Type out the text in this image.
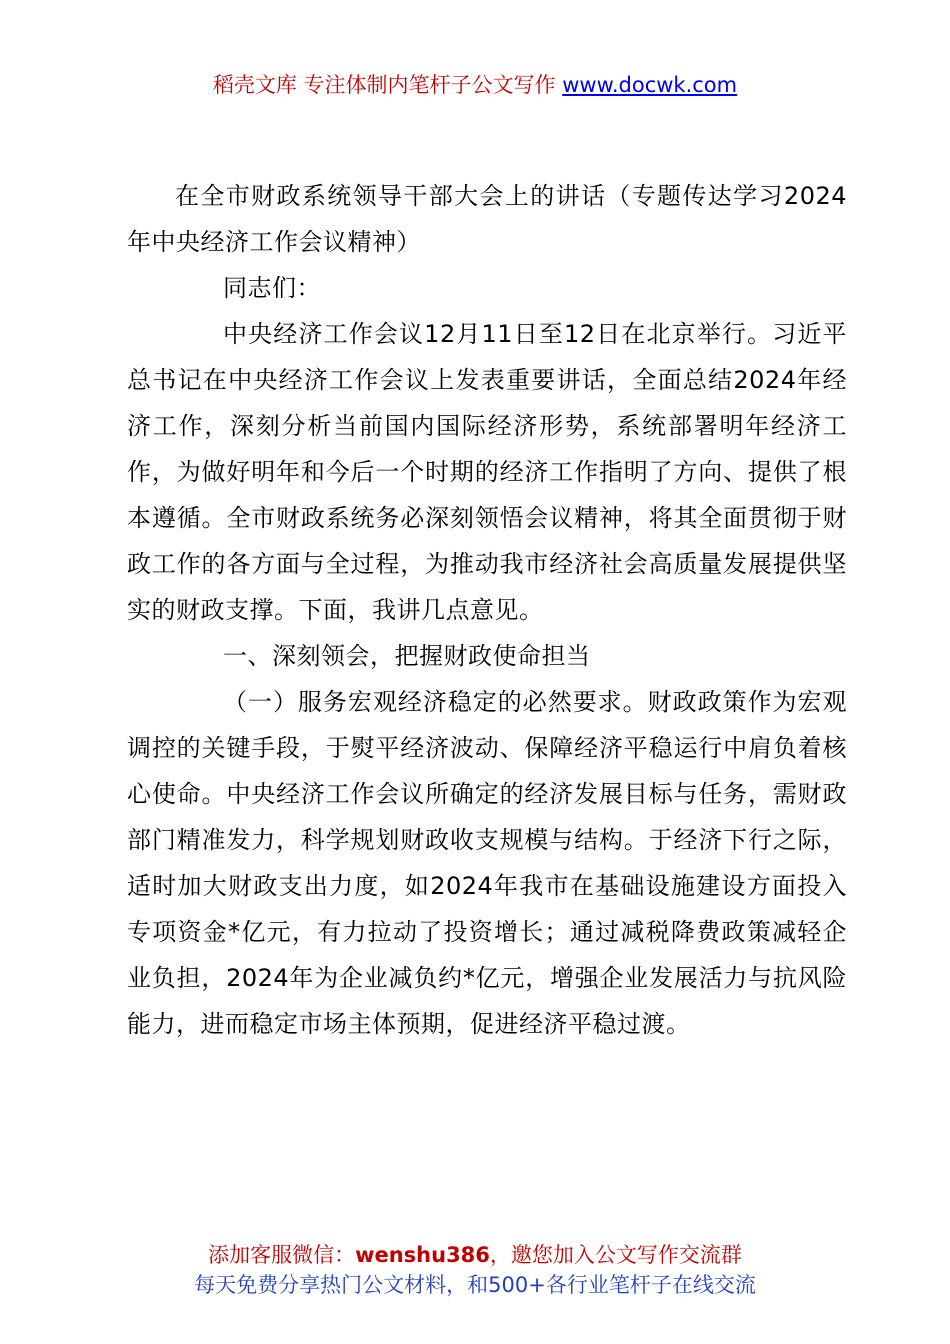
稻壳文库 专注体制内笔杆子公文写作 www.docwk.com

在全市财政系统领导干部大会上的讲话（专题传达学习2024年中央经济工作会议精神）

同志们：

中央经济工作会议12月11日至12日在北京举行。习近平总书记在中央经济工作会议上发表重要讲话，全面总结2024年经济工作，深刻分析当前国内国际经济形势，系统部署明年经济工作，为做好明年和今后一个时期的经济工作指明了方向、提供了根本遵循。全市财政系统务必深刻领悟会议精神，将其全面贯彻于财政工作的各方面与全过程，为推动我市经济社会高质量发展提供坚实的财政支撑。下面，我讲几点意见。

一、深刻领会，把握财政使命担当

（一）服务宏观经济稳定的必然要求。财政政策作为宏观调控的关键手段，于熨平经济波动、保障经济平稳运行中肩负着核心使命。中央经济工作会议所确定的经济发展目标与任务，需财政部门精准发力，科学规划财政收支规模与结构。于经济下行之际，适时加大财政支出力度，如2024年我市在基础设施建设方面投入专项资金*亿元，有力拉动了投资增长；通过减税降费政策减轻企业负担，2024年为企业减负约*亿元，增强企业发展活力与抗风险能力，进而稳定市场主体预期，促进经济平稳过渡。

添加客服微信：wenshu386，邀您加入公文写作交流群
每天免费分享热门公文材料，和500+各行业笔杆子在线交流
